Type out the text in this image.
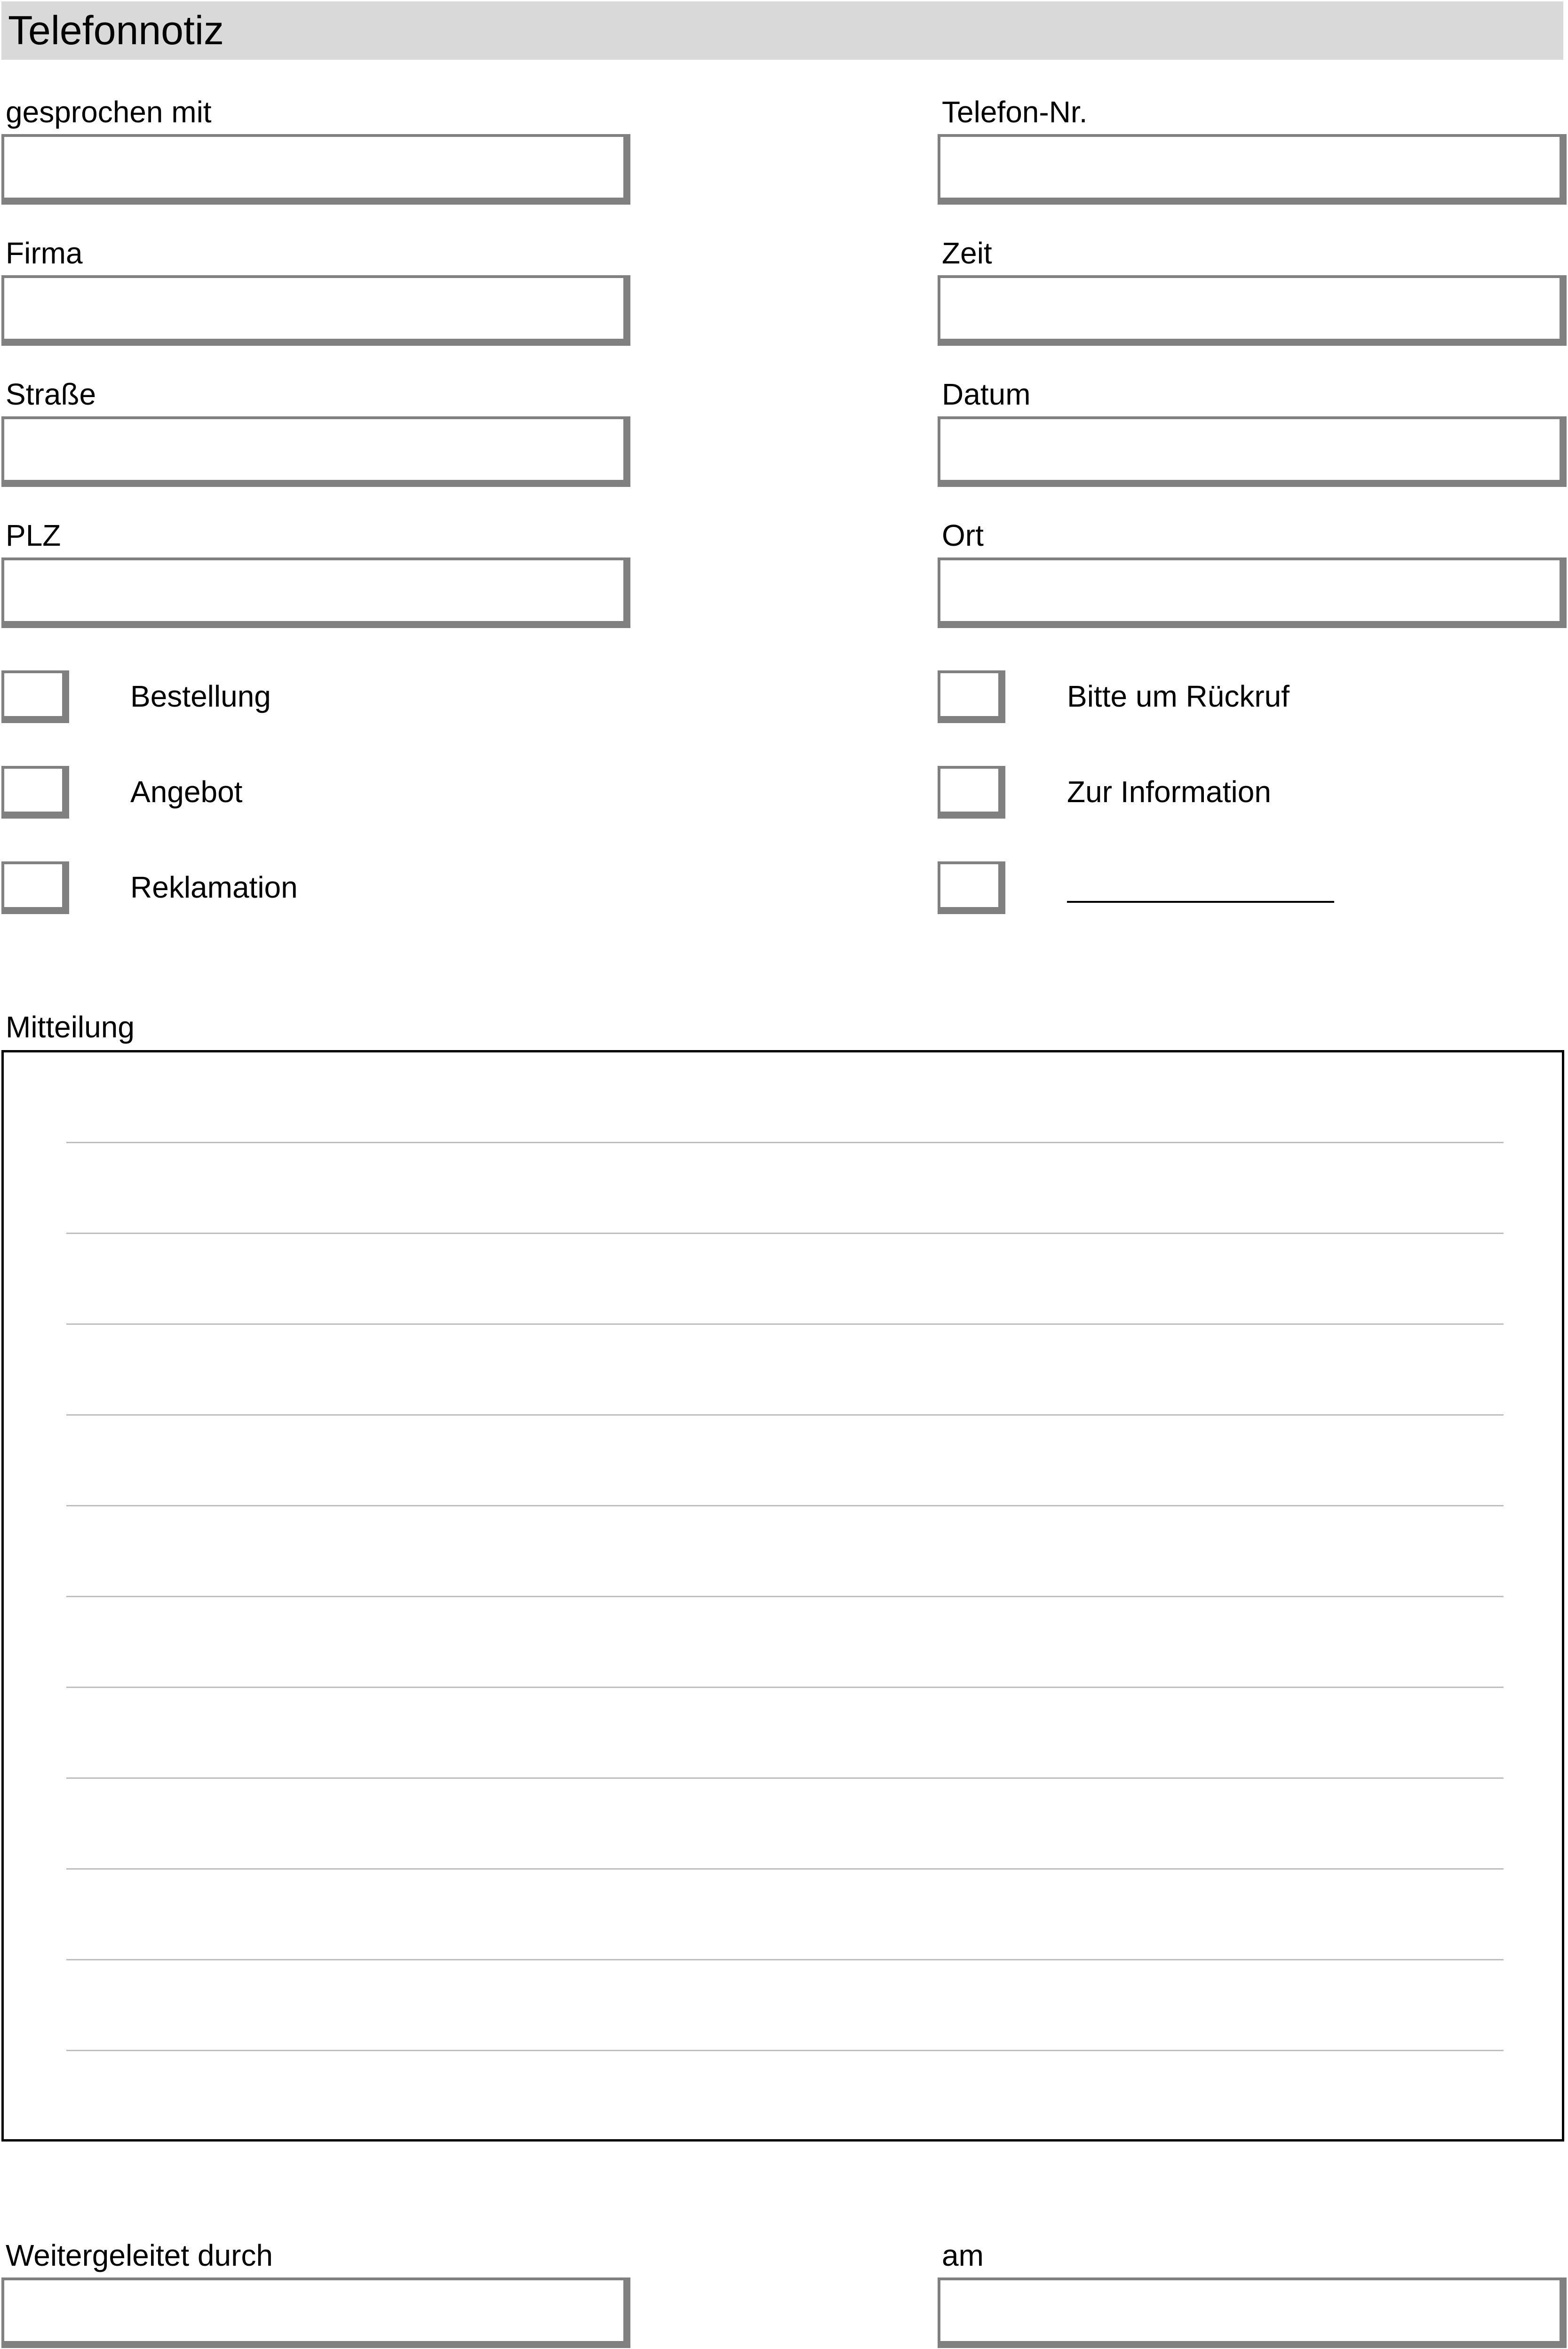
Telefonnotiz
gesprochen mit	Telefon-Nr.
Firma	Zeit
Straße	Datum
PLZ	Ort
Bestellung	Bitte um Rückruf
Angebot	Zur Information
Reklamation
Mitteilung
Weitergeleitet durch	am
